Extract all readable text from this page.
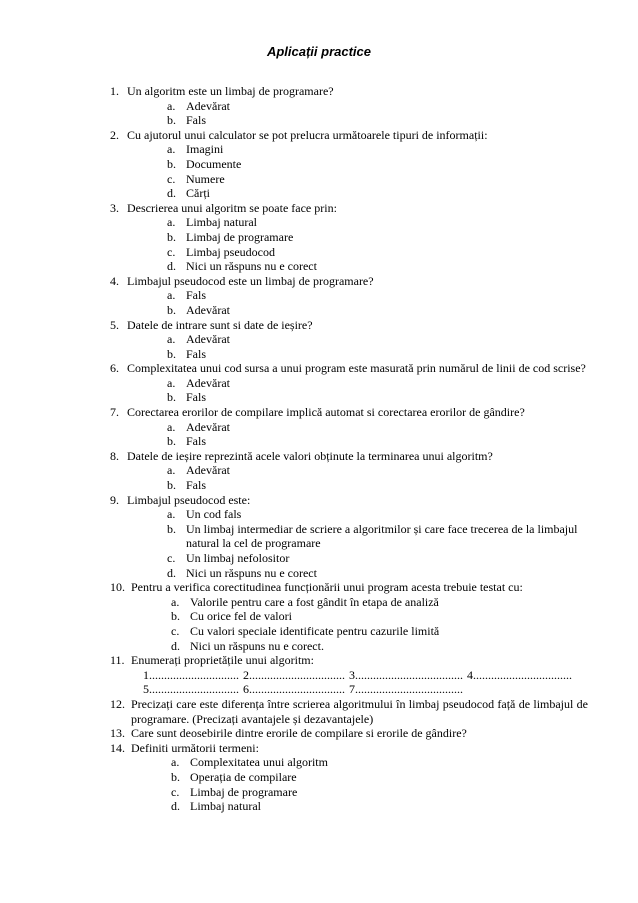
Aplicații practice
1. Un algoritm este un limbaj de programare?
a. Adevărat
b. Fals
2. Cu ajutorul unui calculator se pot prelucra următoarele tipuri de informații:
a. Imagini
b. Documente
c. Numere
d. Cărți
3. Descrierea unui algoritm se poate face prin:
a. Limbaj natural
b. Limbaj de programare
c. Limbaj pseudocod
d. Nici un răspuns nu e corect
4. Limbajul pseudocod este un limbaj de programare?
a. Fals
b. Adevărat
5. Datele de intrare sunt si date de ieșire?
a. Adevărat
b. Fals
6. Complexitatea unui cod sursa a unui program este masurată prin numărul de linii de cod scrise?
a. Adevărat
b. Fals
7. Corectarea erorilor de compilare implică automat si corectarea erorilor de gândire?
a. Adevărat
b. Fals
8. Datele de ieșire reprezintă acele valori obținute la terminarea unui algoritm?
a. Adevărat
b. Fals
9. Limbajul pseudocod este:
a. Un cod fals
b. Un limbaj intermediar de scriere a algoritmilor și care face trecerea de la limbajul natural la cel de programare
c. Un limbaj nefolositor
d. Nici un răspuns nu e corect
10. Pentru a verifica corectitudinea funcționării unui program acesta trebuie testat cu:
a. Valorile pentru care a fost gândit în etapa de analiză
b. Cu orice fel de valori
c. Cu valori speciale identificate pentru cazurile limită
d. Nici un răspuns nu e corect.
11. Enumerați proprietățile unui algoritm:
1.............................. 2................................ 3.................................... 4.................................
5.............................. 6................................ 7....................................
12. Precizați care este diferența între scrierea algoritmului în limbaj pseudocod față de limbajul de programare. (Precizați avantajele și dezavantajele)
13. Care sunt deosebirile dintre erorile de compilare si erorile de gândire?
14. Definiti următorii termeni:
a. Complexitatea unui algoritm
b. Operația de compilare
c. Limbaj de programare
d. Limbaj natural
